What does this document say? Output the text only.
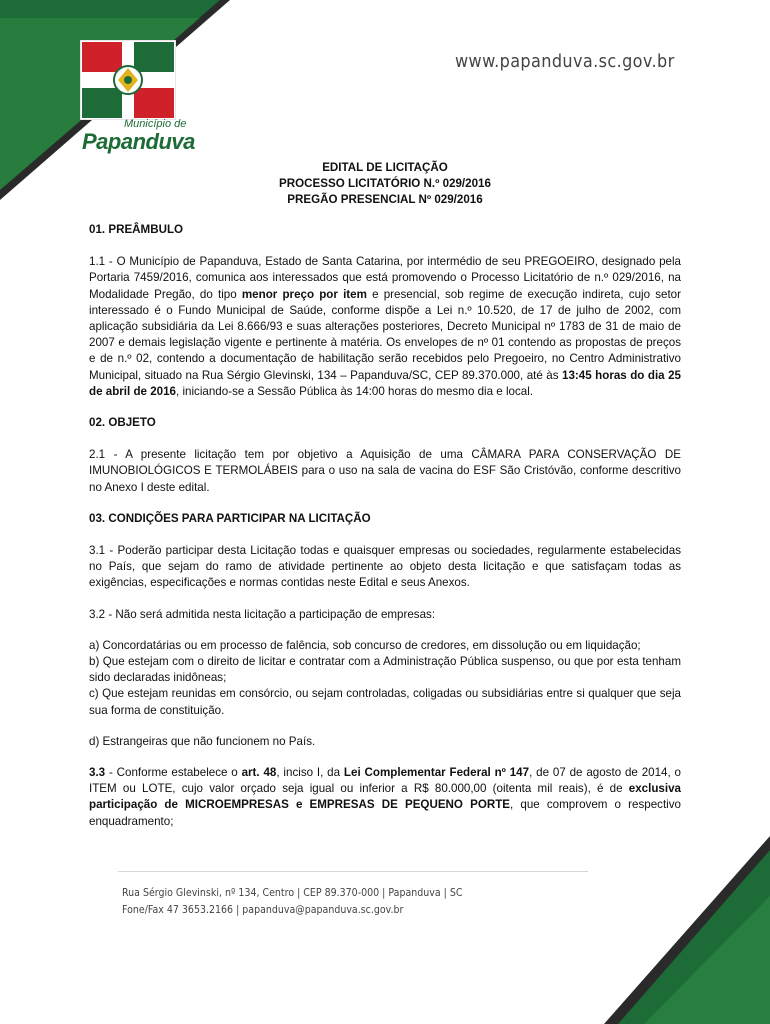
Município de
Papanduva
www.papanduva.sc.gov.br
EDITAL DE LICITAÇÃO
PROCESSO LICITATÓRIO N.º 029/2016
PREGÃO PRESENCIAL Nº 029/2016
01. PREÂMBULO
1.1 - O Município de Papanduva, Estado de Santa Catarina, por intermédio de seu PREGOEIRO, designado pela Portaria 7459/2016, comunica aos interessados que está promovendo o Processo Licitatório de n.º 029/2016, na Modalidade Pregão, do tipo menor preço por item e presencial, sob regime de execução indireta, cujo setor interessado é o Fundo Municipal de Saúde, conforme dispõe a Lei n.º 10.520, de 17 de julho de 2002, com aplicação subsidiária da Lei 8.666/93 e suas alterações posteriores, Decreto Municipal nº 1783 de 31 de maio de 2007 e demais legislação vigente e pertinente à matéria. Os envelopes de nº 01 contendo as propostas de preços e de n.º 02, contendo a documentação de habilitação serão recebidos pelo Pregoeiro, no Centro Administrativo Municipal, situado na Rua Sérgio Glevinski, 134 – Papanduva/SC, CEP 89.370.000, até às 13:45 horas do dia 25 de abril de 2016, iniciando-se a Sessão Pública às 14:00 horas do mesmo dia e local.
02. OBJETO
2.1 - A presente licitação tem por objetivo a Aquisição de uma CÂMARA PARA CONSERVAÇÃO DE IMUNOBIOLÓGICOS E TERMOLÁBEIS para o uso na sala de vacina do ESF São Cristóvão, conforme descritivo no Anexo I deste edital.
03. CONDIÇÕES PARA PARTICIPAR NA LICITAÇÃO
3.1 - Poderão participar desta Licitação todas e quaisquer empresas ou sociedades, regularmente estabelecidas no País, que sejam do ramo de atividade pertinente ao objeto desta licitação e que satisfaçam todas as exigências, especificações e normas contidas neste Edital e seus Anexos.
3.2 - Não será admitida nesta licitação a participação de empresas:
a) Concordatárias ou em processo de falência, sob concurso de credores, em dissolução ou em liquidação;
b) Que estejam com o direito de licitar e contratar com a Administração Pública suspenso, ou que por esta tenham sido declaradas inidôneas;
c) Que estejam reunidas em consórcio, ou sejam controladas, coligadas ou subsidiárias entre si qualquer que seja sua forma de constituição.
d) Estrangeiras que não funcionem no País.
3.3 - Conforme estabelece o art. 48, inciso I, da Lei Complementar Federal nº 147, de 07 de agosto de 2014, o ITEM ou LOTE, cujo valor orçado seja igual ou inferior a R$ 80.000,00 (oitenta mil reais), é de exclusiva participação de MICROEMPRESAS e EMPRESAS DE PEQUENO PORTE, que comprovem o respectivo enquadramento;
Rua Sérgio Glevinski, nº 134, Centro | CEP 89.370-000 | Papanduva | SC
Fone/Fax 47 3653.2166 | papanduva@papanduva.sc.gov.br
